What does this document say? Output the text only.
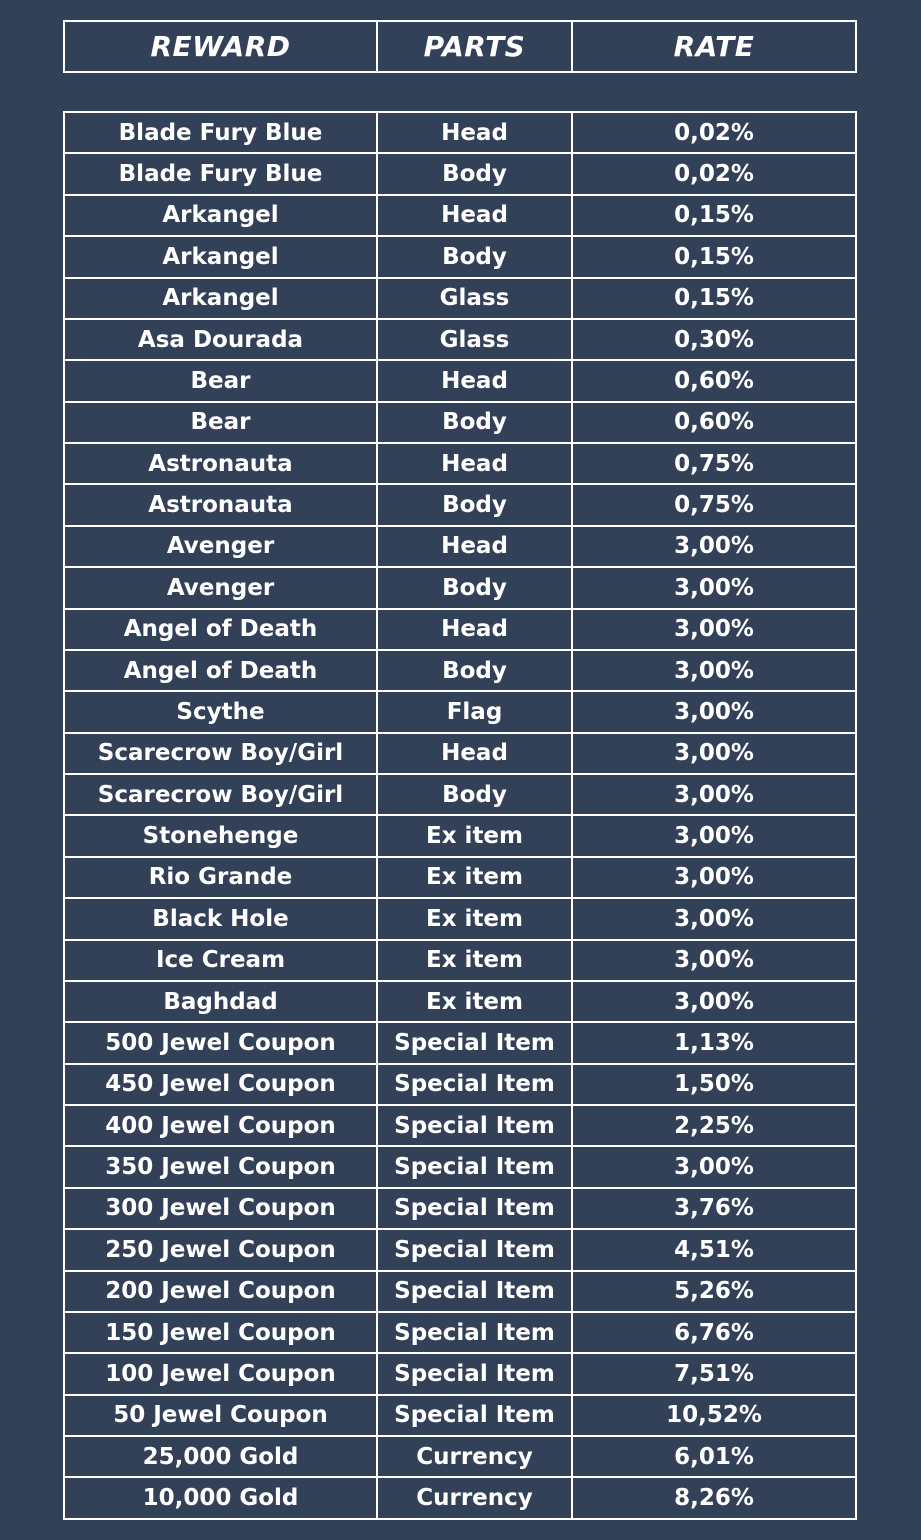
REWARD	PARTS	RATE
Blade Fury Blue	Head	0,02%
Blade Fury Blue	Body	0,02%
Arkangel	Head	0,15%
Arkangel	Body	0,15%
Arkangel	Glass	0,15%
Asa Dourada	Glass	0,30%
Bear	Head	0,60%
Bear	Body	0,60%
Astronauta	Head	0,75%
Astronauta	Body	0,75%
Avenger	Head	3,00%
Avenger	Body	3,00%
Angel of Death	Head	3,00%
Angel of Death	Body	3,00%
Scythe	Flag	3,00%
Scarecrow Boy/Girl	Head	3,00%
Scarecrow Boy/Girl	Body	3,00%
Stonehenge	Ex item	3,00%
Rio Grande	Ex item	3,00%
Black Hole	Ex item	3,00%
Ice Cream	Ex item	3,00%
Baghdad	Ex item	3,00%
500 Jewel Coupon	Special Item	1,13%
450 Jewel Coupon	Special Item	1,50%
400 Jewel Coupon	Special Item	2,25%
350 Jewel Coupon	Special Item	3,00%
300 Jewel Coupon	Special Item	3,76%
250 Jewel Coupon	Special Item	4,51%
200 Jewel Coupon	Special Item	5,26%
150 Jewel Coupon	Special Item	6,76%
100 Jewel Coupon	Special Item	7,51%
50 Jewel Coupon	Special Item	10,52%
25,000 Gold	Currency	6,01%
10,000 Gold	Currency	8,26%
